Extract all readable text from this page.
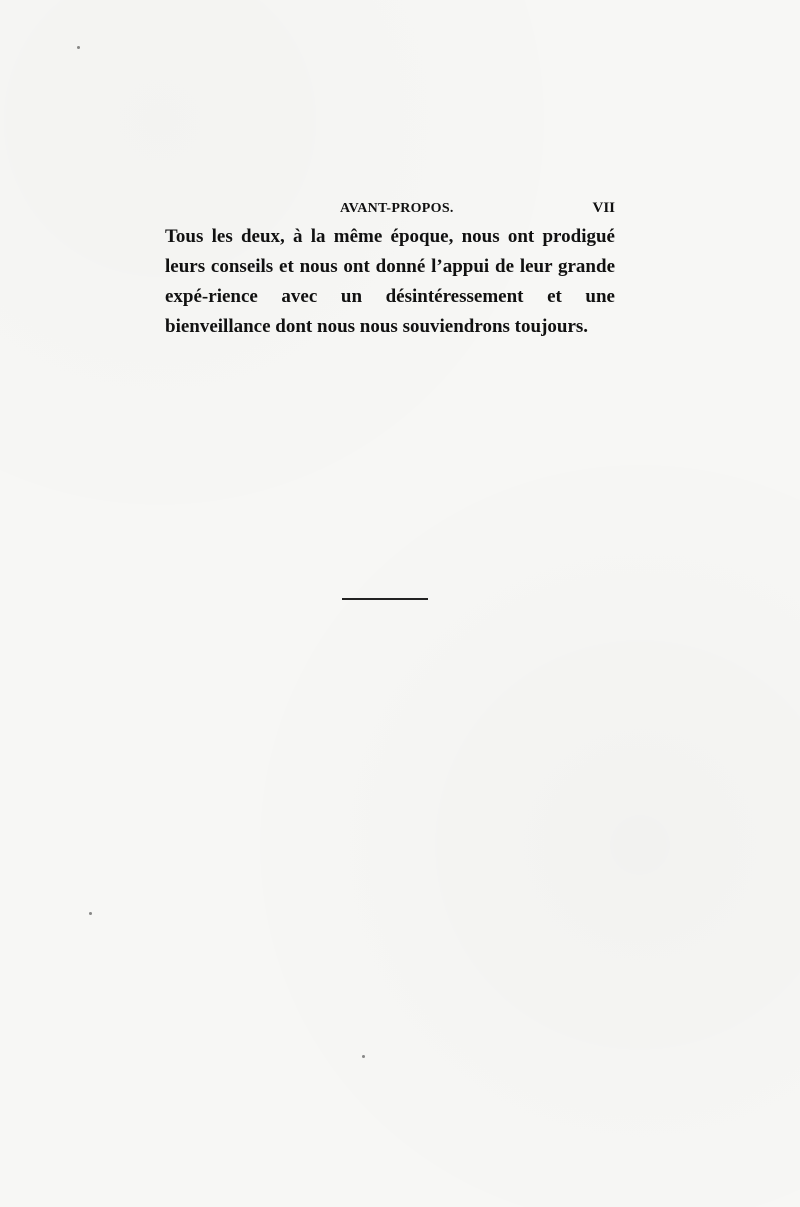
AVANT-PROPOS.	VII

Tous les deux, à la même époque, nous ont prodigué leurs conseils et nous ont donné l’appui de leur grande expé-rience avec un désintéressement et une bienveillance dont nous nous souviendrons toujours.
